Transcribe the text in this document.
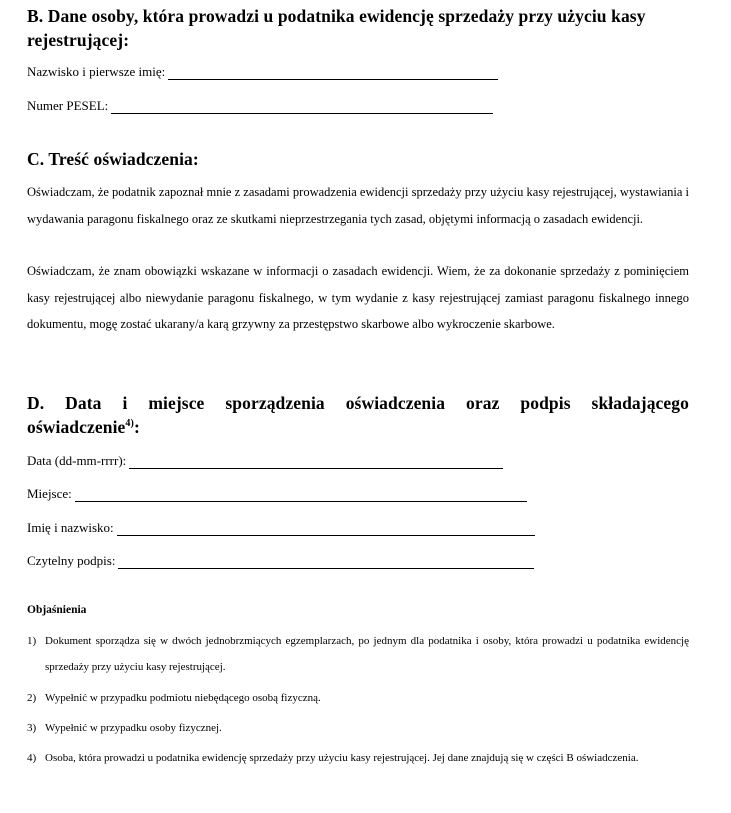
B. Dane osoby, która prowadzi u podatnika ewidencję sprzedaży przy użyciu kasy rejestrującej:
Nazwisko i pierwsze imię:
Numer PESEL:
C. Treść oświadczenia:
Oświadczam, że podatnik zapoznał mnie z zasadami prowadzenia ewidencji sprzedaży przy użyciu kasy rejestrującej, wystawiania i wydawania paragonu fiskalnego oraz ze skutkami nieprzestrzegania tych zasad, objętymi informacją o zasadach ewidencji.
Oświadczam, że znam obowiązki wskazane w informacji o zasadach ewidencji. Wiem, że za dokonanie sprzedaży z pominięciem kasy rejestrującej albo niewydanie paragonu fiskalnego, w tym wydanie z kasy rejestrującej zamiast paragonu fiskalnego innego dokumentu, mogę zostać ukarany/a karą grzywny za przestępstwo skarbowe albo wykroczenie skarbowe.
D. Data i miejsce sporządzenia oświadczenia oraz podpis składającego
oświadczenie$^{4)}$:
Data (dd-mm-rrrr):
Miejsce:
Imię i nazwisko:
Czytelny podpis:
Objaśnienia
1) Dokument sporządza się w dwóch jednobrzmiących egzemplarzach, po jednym dla podatnika i osoby, która prowadzi u podatnika ewidencję sprzedaży przy użyciu kasy rejestrującej.
2) Wypełnić w przypadku podmiotu niebędącego osobą fizyczną.
3) Wypełnić w przypadku osoby fizycznej.
4) Osoba, która prowadzi u podatnika ewidencję sprzedaży przy użyciu kasy rejestrującej. Jej dane znajdują się w części B oświadczenia.
